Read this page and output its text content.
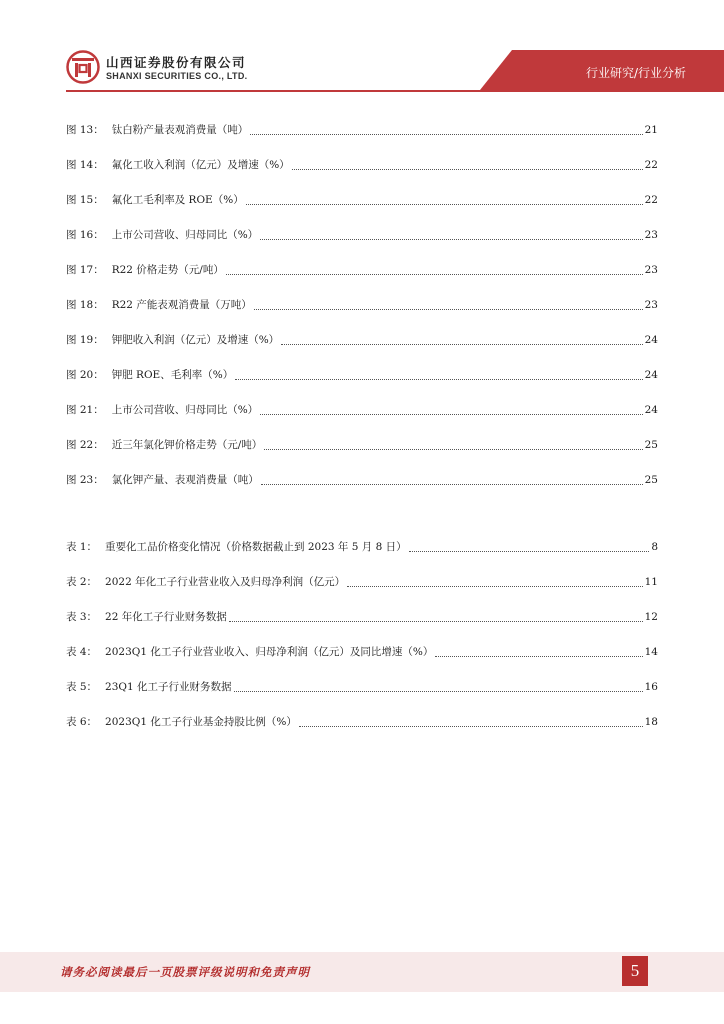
山西证券股份有限公司
SHANXI SECURITIES CO., LTD.	行业研究/行业分析
图 13： 钛白粉产量表观消费量（吨）	21
图 14： 氟化工收入利润（亿元）及增速（%）	22
图 15： 氟化工毛利率及 ROE（%）	22
图 16： 上市公司营收、归母同比（%）	23
图 17： R22 价格走势（元/吨）	23
图 18： R22 产能表观消费量（万吨）	23
图 19： 钾肥收入利润（亿元）及增速（%）	24
图 20： 钾肥 ROE、毛利率（%）	24
图 21： 上市公司营收、归母同比（%）	24
图 22： 近三年氯化钾价格走势（元/吨）	25
图 23： 氯化钾产量、表观消费量（吨）	25
表 1： 重要化工品价格变化情况（价格数据截止到 2023 年 5 月 8 日）	8
表 2： 2022 年化工子行业营业收入及归母净利润（亿元）	11
表 3： 22 年化工子行业财务数据	12
表 4： 2023Q1 化工子行业营业收入、归母净利润（亿元）及同比增速（%）	14
表 5： 23Q1 化工子行业财务数据	16
表 6： 2023Q1 化工子行业基金持股比例（%）	18
请务必阅读最后一页股票评级说明和免责声明	5
